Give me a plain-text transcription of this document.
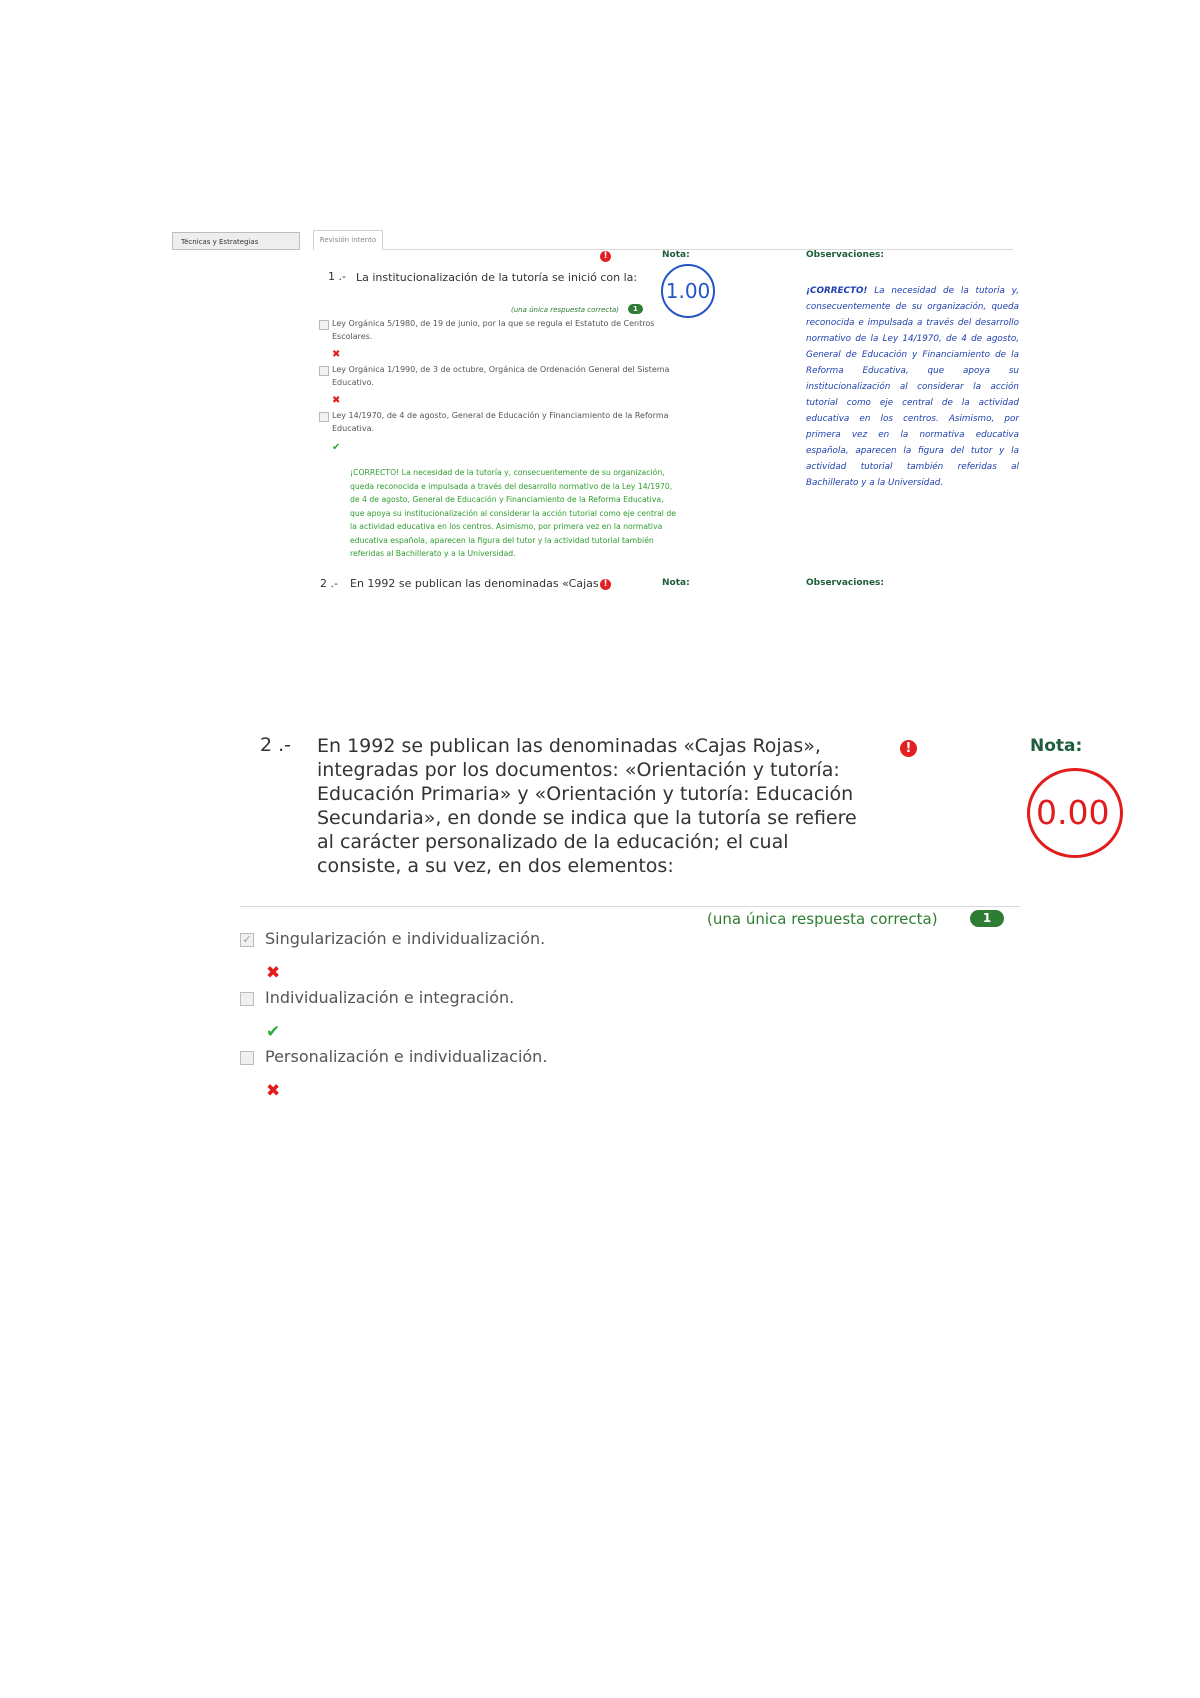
Técnicas y Estrategias	Revisión intento
1 .- La institucionalización de la tutoría se inició con la:
!	Nota:
1.00
Observaciones:
¡CORRECTO! La necesidad de la tutoría y, consecuentemente de su organización, queda reconocida e impulsada a través del desarrollo normativo de la Ley 14/1970, de 4 de agosto, General de Educación y Financiamiento de la Reforma Educativa, que apoya su institucionalización al considerar la acción tutorial como eje central de la actividad educativa en los centros. Asimismo, por primera vez en la normativa educativa española, aparecen la figura del tutor y la actividad tutorial también referidas al Bachillerato y a la Universidad.
(una única respuesta correcta)	1
Ley Orgánica 5/1980, de 19 de junio, por la que se regula el Estatuto de Centros Escolares.
✖
Ley Orgánica 1/1990, de 3 de octubre, Orgánica de Ordenación General del Sistema Educativo.
✖
Ley 14/1970, de 4 de agosto, General de Educación y Financiamiento de la Reforma Educativa.
✔
¡CORRECTO! La necesidad de la tutoría y, consecuentemente de su organización, queda reconocida e impulsada a través del desarrollo normativo de la Ley 14/1970, de 4 de agosto, General de Educación y Financiamiento de la Reforma Educativa, que apoya su institucionalización al considerar la acción tutorial como eje central de la actividad educativa en los centros. Asimismo, por primera vez en la normativa educativa española, aparecen la figura del tutor y la actividad tutorial también referidas al Bachillerato y a la Universidad.
2 .- En 1992 se publican las denominadas «Cajas !	Nota:	Observaciones:
2 .- En 1992 se publican las denominadas «Cajas Rojas», integradas por los documentos: «Orientación y tutoría: Educación Primaria» y «Orientación y tutoría: Educación Secundaria», en donde se indica que la tutoría se refiere al carácter personalizado de la educación; el cual consiste, a su vez, en dos elementos:
!	Nota:
0.00
(una única respuesta correcta)	1
✓ Singularización e individualización.
✖
Individualización e integración.
✔
Personalización e individualización.
✖
